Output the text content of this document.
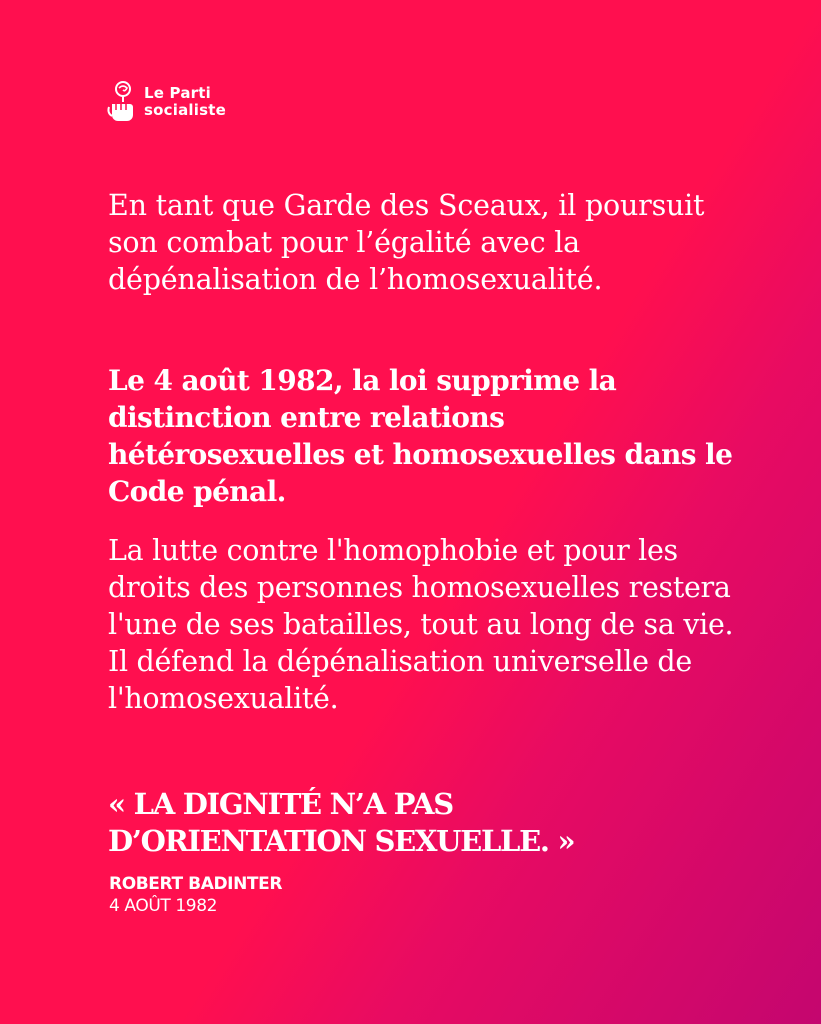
Le Parti
socialiste

En tant que Garde des Sceaux, il poursuit son combat pour l’égalité avec la dépénalisation de l’homosexualité.

Le 4 août 1982, la loi supprime la distinction entre relations hétérosexuelles et homosexuelles dans le Code pénal.

La lutte contre l'homophobie et pour les droits des personnes homosexuelles restera l'une de ses batailles, tout au long de sa vie. Il défend la dépénalisation universelle de l'homosexualité.

« LA DIGNITÉ N’A PAS D’ORIENTATION SEXUELLE. »

ROBERT BADINTER
4 AOÛT 1982
